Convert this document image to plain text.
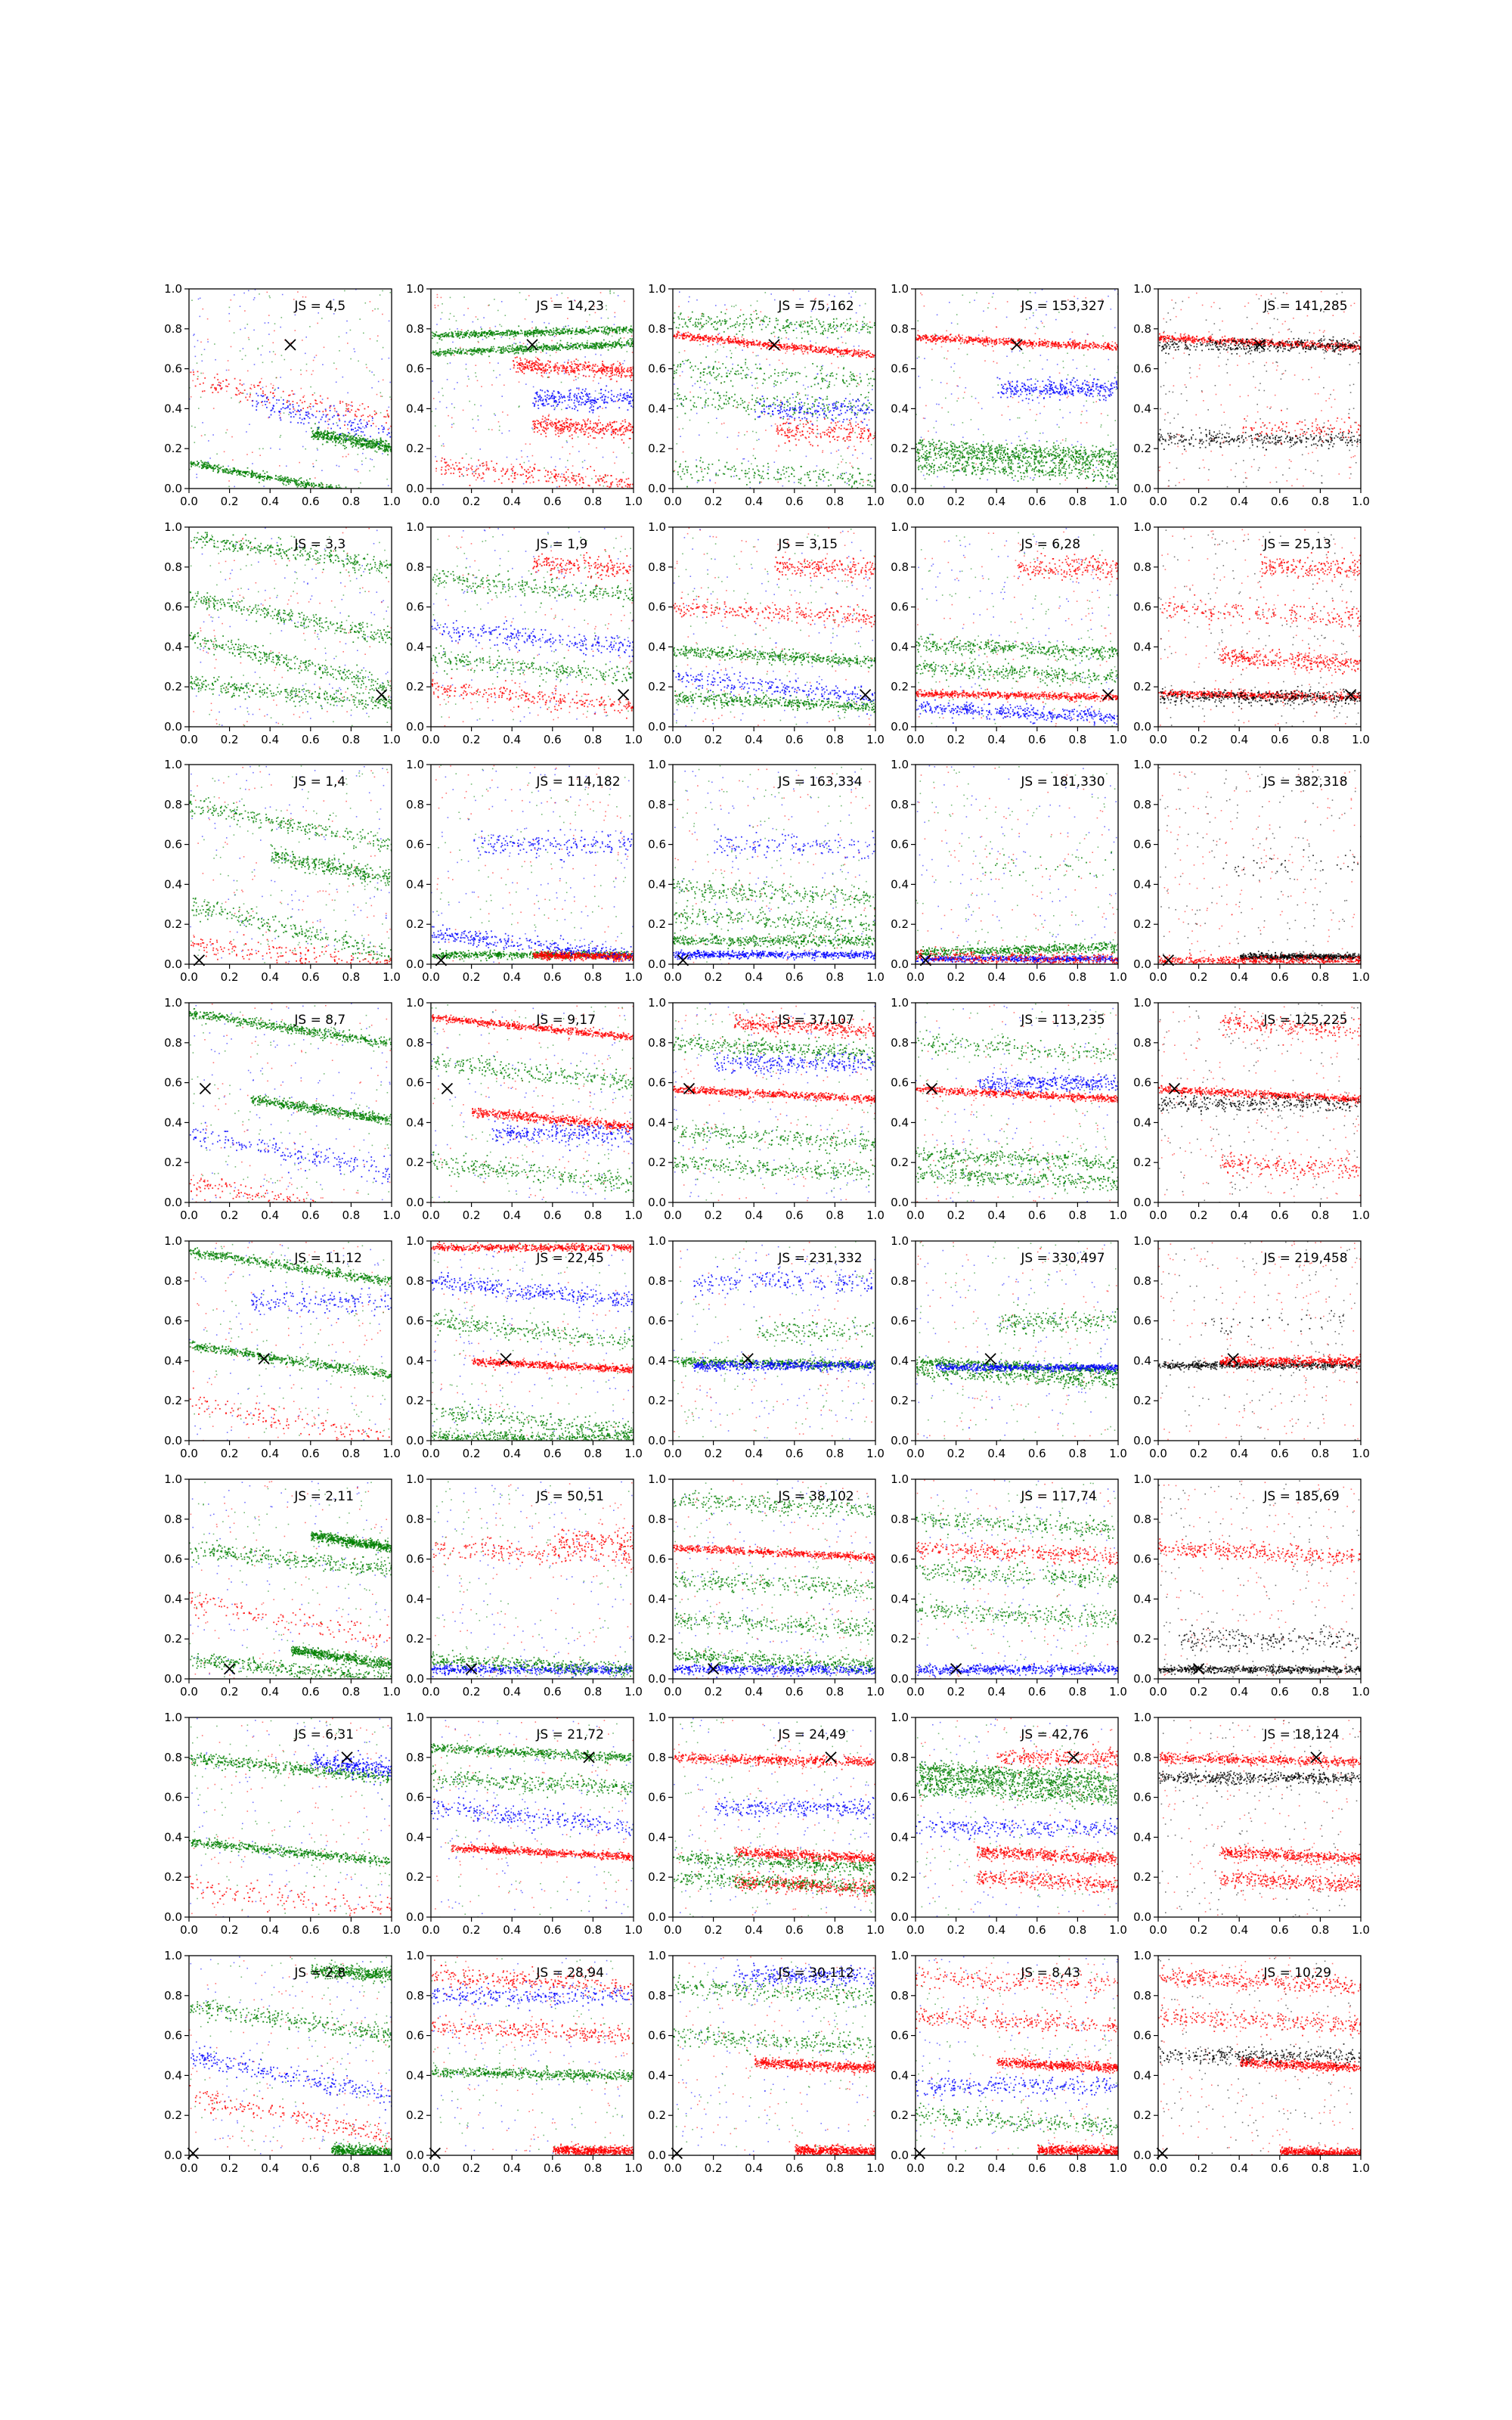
0.0 0.2 0.4 0.6 0.8 1.0
0.0
0.2
0.4
0.6
0.8
1.0
JS = 4,5
0.0 0.2 0.4 0.6 0.8 1.0
0.0
0.2
0.4
0.6
0.8
1.0
JS = 14,23
0.0 0.2 0.4 0.6 0.8 1.0
0.0
0.2
0.4
0.6
0.8
1.0
JS = 75,162
0.0 0.2 0.4 0.6 0.8 1.0
0.0
0.2
0.4
0.6
0.8
1.0
JS = 153,327
0.0 0.2 0.4 0.6 0.8 1.0
0.0
0.2
0.4
0.6
0.8
1.0
JS = 141,285
0.0 0.2 0.4 0.6 0.8 1.0
0.0
0.2
0.4
0.6
0.8
1.0
JS = 3,3
0.0 0.2 0.4 0.6 0.8 1.0
0.0
0.2
0.4
0.6
0.8
1.0
JS = 1,9
0.0 0.2 0.4 0.6 0.8 1.0
0.0
0.2
0.4
0.6
0.8
1.0
JS = 3,15
0.0 0.2 0.4 0.6 0.8 1.0
0.0
0.2
0.4
0.6
0.8
1.0
JS = 6,28
0.0 0.2 0.4 0.6 0.8 1.0
0.0
0.2
0.4
0.6
0.8
1.0
JS = 25,13
0.0 0.2 0.4 0.6 0.8 1.0
0.0
0.2
0.4
0.6
0.8
1.0
JS = 1,4
0.0 0.2 0.4 0.6 0.8 1.0
0.0
0.2
0.4
0.6
0.8
1.0
JS = 114,182
0.0 0.2 0.4 0.6 0.8 1.0
0.0
0.2
0.4
0.6
0.8
1.0
JS = 163,334
0.0 0.2 0.4 0.6 0.8 1.0
0.0
0.2
0.4
0.6
0.8
1.0
JS = 181,330
0.0 0.2 0.4 0.6 0.8 1.0
0.0
0.2
0.4
0.6
0.8
1.0
JS = 382,318
0.0 0.2 0.4 0.6 0.8 1.0
0.0
0.2
0.4
0.6
0.8
1.0
JS = 8,7
0.0 0.2 0.4 0.6 0.8 1.0
0.0
0.2
0.4
0.6
0.8
1.0
JS = 9,17
0.0 0.2 0.4 0.6 0.8 1.0
0.0
0.2
0.4
0.6
0.8
1.0
JS = 37,107
0.0 0.2 0.4 0.6 0.8 1.0
0.0
0.2
0.4
0.6
0.8
1.0
JS = 113,235
0.0 0.2 0.4 0.6 0.8 1.0
0.0
0.2
0.4
0.6
0.8
1.0
JS = 125,225
0.0 0.2 0.4 0.6 0.8 1.0
0.0
0.2
0.4
0.6
0.8
1.0
JS = 11,12
0.0 0.2 0.4 0.6 0.8 1.0
0.0
0.2
0.4
0.6
0.8
1.0
JS = 22,45
0.0 0.2 0.4 0.6 0.8 1.0
0.0
0.2
0.4
0.6
0.8
1.0
JS = 231,332
0.0 0.2 0.4 0.6 0.8 1.0
0.0
0.2
0.4
0.6
0.8
1.0
JS = 330,497
0.0 0.2 0.4 0.6 0.8 1.0
0.0
0.2
0.4
0.6
0.8
1.0
JS = 219,458
0.0 0.2 0.4 0.6 0.8 1.0
0.0
0.2
0.4
0.6
0.8
1.0
JS = 2,11
0.0 0.2 0.4 0.6 0.8 1.0
0.0
0.2
0.4
0.6
0.8
1.0
JS = 50,51
0.0 0.2 0.4 0.6 0.8 1.0
0.0
0.2
0.4
0.6
0.8
1.0
JS = 38,102
0.0 0.2 0.4 0.6 0.8 1.0
0.0
0.2
0.4
0.6
0.8
1.0
JS = 117,74
0.0 0.2 0.4 0.6 0.8 1.0
0.0
0.2
0.4
0.6
0.8
1.0
JS = 185,69
0.0 0.2 0.4 0.6 0.8 1.0
0.0
0.2
0.4
0.6
0.8
1.0
JS = 6,31
0.0 0.2 0.4 0.6 0.8 1.0
0.0
0.2
0.4
0.6
0.8
1.0
JS = 21,72
0.0 0.2 0.4 0.6 0.8 1.0
0.0
0.2
0.4
0.6
0.8
1.0
JS = 24,49
0.0 0.2 0.4 0.6 0.8 1.0
0.0
0.2
0.4
0.6
0.8
1.0
JS = 42,76
0.0 0.2 0.4 0.6 0.8 1.0
0.0
0.2
0.4
0.6
0.8
1.0
JS = 18,124
0.0 0.2 0.4 0.6 0.8 1.0
0.0
0.2
0.4
0.6
0.8
1.0
JS = 2,8
0.0 0.2 0.4 0.6 0.8 1.0
0.0
0.2
0.4
0.6
0.8
1.0
JS = 28,94
0.0 0.2 0.4 0.6 0.8 1.0
0.0
0.2
0.4
0.6
0.8
1.0
JS = 30,112
0.0 0.2 0.4 0.6 0.8 1.0
0.0
0.2
0.4
0.6
0.8
1.0
JS = 8,43
0.0 0.2 0.4 0.6 0.8 1.0
0.0
0.2
0.4
0.6
0.8
1.0
JS = 10,29
